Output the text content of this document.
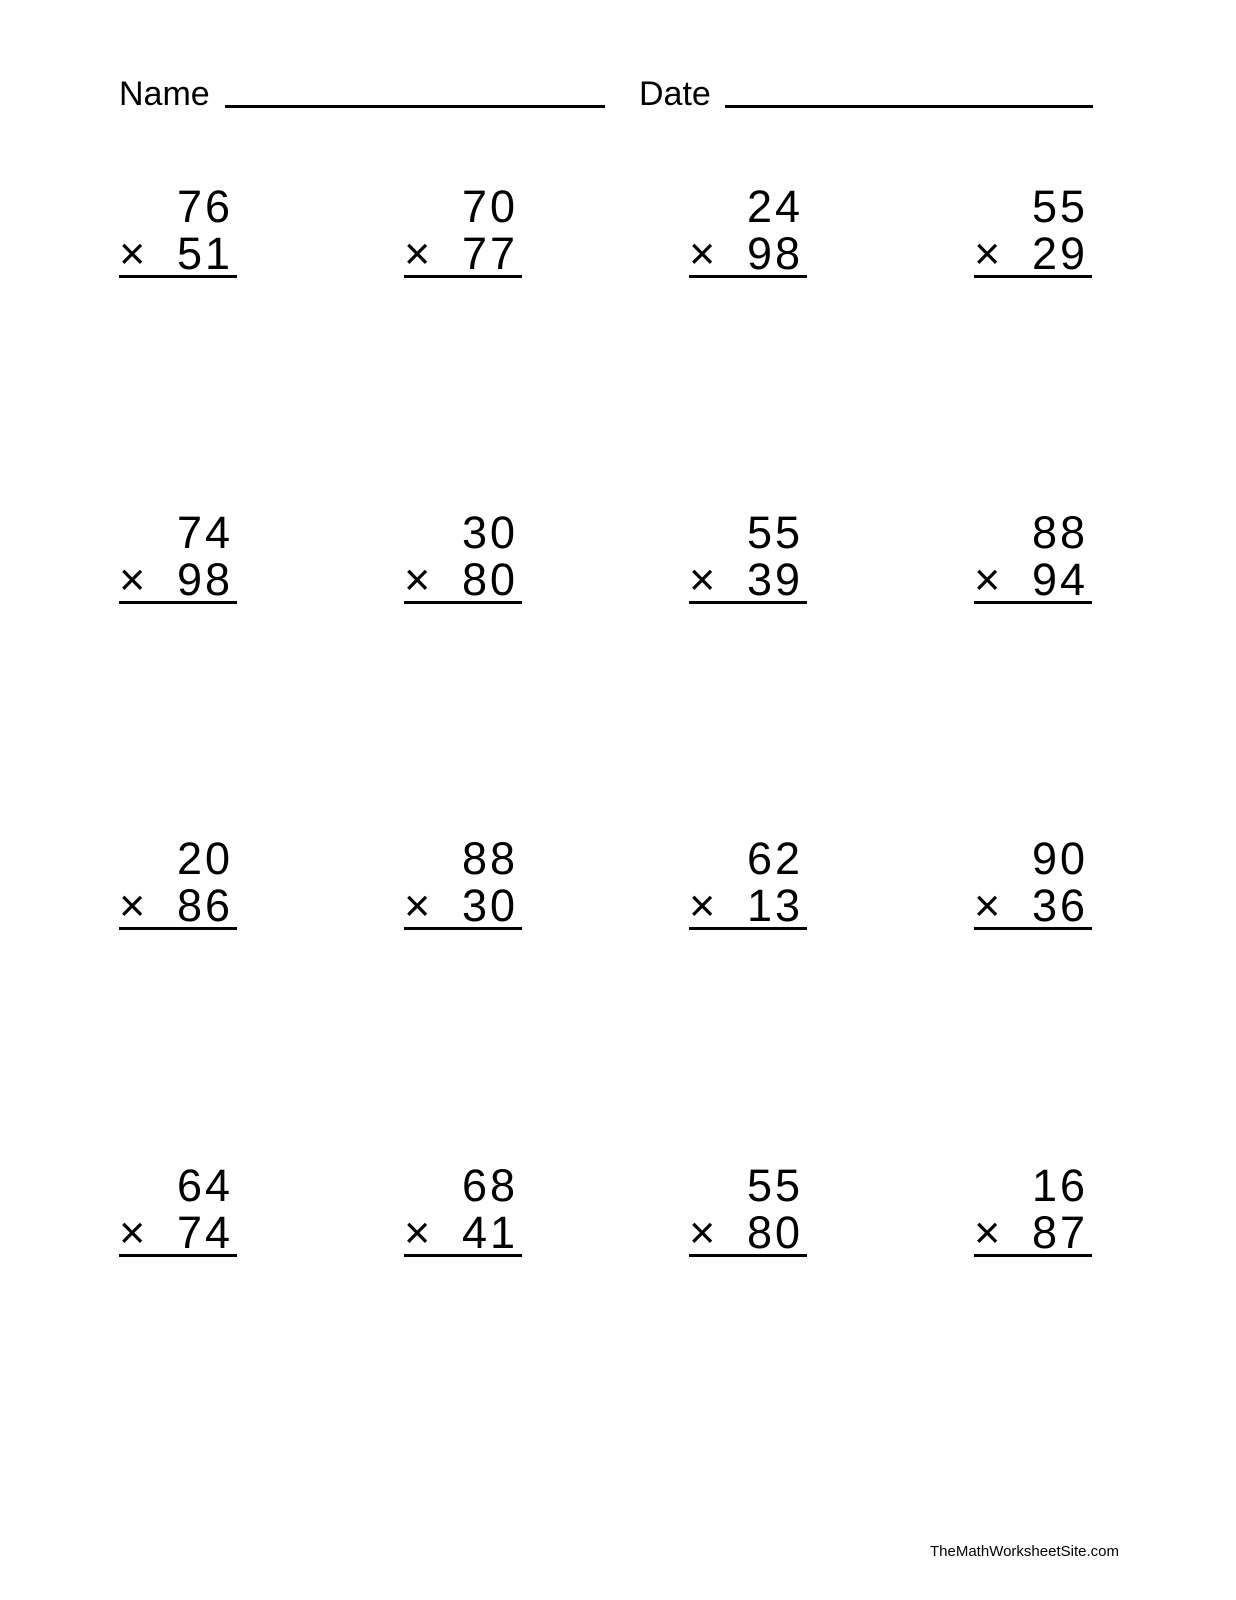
Name	Date
76
× 51
70
× 77
24
× 98
55
× 29
74
× 98
30
× 80
55
× 39
88
× 94
20
× 86
88
× 30
62
× 13
90
× 36
64
× 74
68
× 41
55
× 80
16
× 87
TheMathWorksheetSite.com
